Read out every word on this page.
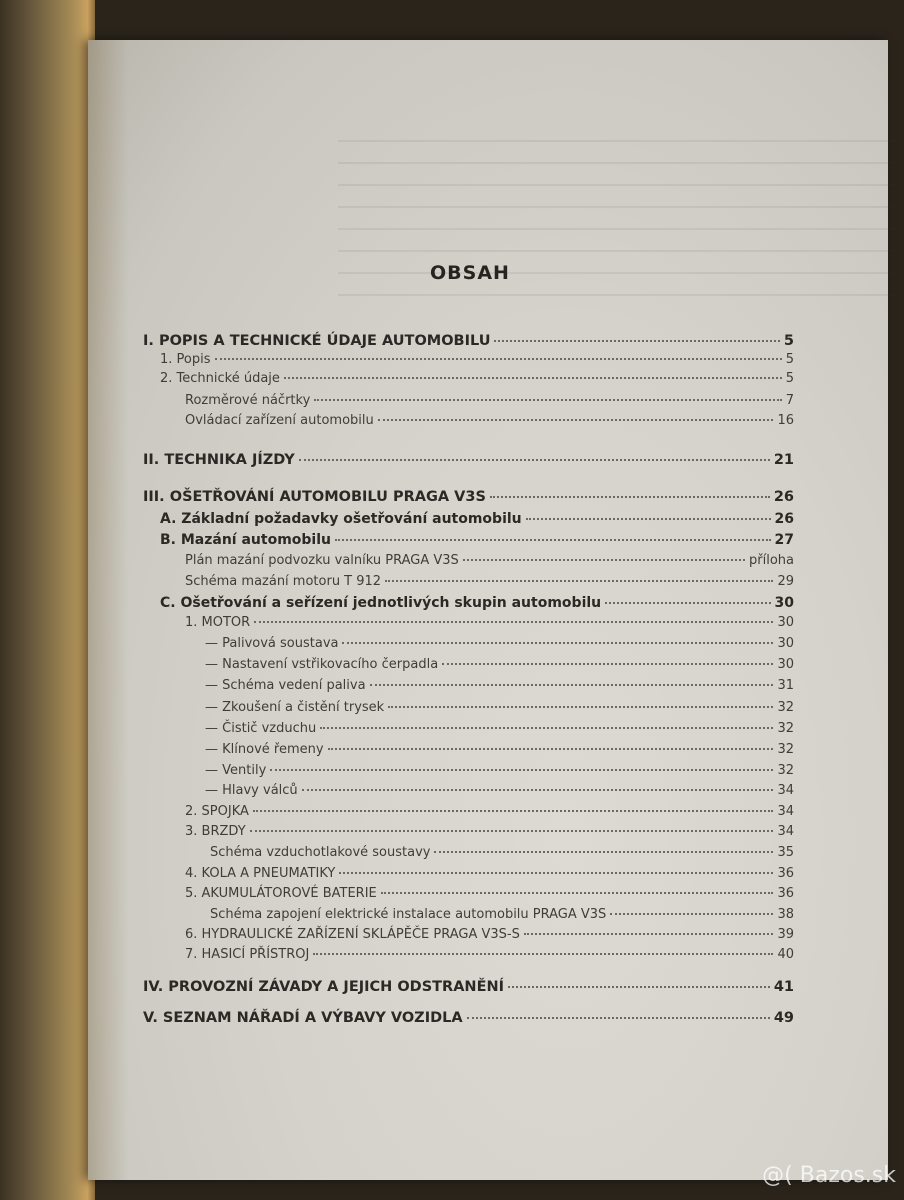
OBSAH
I. POPIS A TECHNICKÉ ÚDAJE AUTOMOBILU	5
1. Popis	5
2. Technické údaje	5
Rozměrové náčrtky	7
Ovládací zařízení automobilu	16
II. TECHNIKA JÍZDY	21
III. OŠETŘOVÁNÍ AUTOMOBILU PRAGA V3S	26
A. Základní požadavky ošetřování automobilu	26
B. Mazání automobilu	27
Plán mazání podvozku valníku PRAGA V3S	příloha
Schéma mazání motoru T 912	29
C. Ošetřování a seřízení jednotlivých skupin automobilu	30
1. MOTOR	30
— Palivová soustava	30
— Nastavení vstřikovacího čerpadla	30
— Schéma vedení paliva	31
— Zkoušení a čistění trysek	32
— Čistič vzduchu	32
— Klínové řemeny	32
— Ventily	32
— Hlavy válců	34
2. SPOJKA	34
3. BRZDY	34
Schéma vzduchotlakové soustavy	35
4. KOLA A PNEUMATIKY	36
5. AKUMULÁTOROVÉ BATERIE	36
Schéma zapojení elektrické instalace automobilu PRAGA V3S	38
6. HYDRAULICKÉ ZAŘÍZENÍ SKLÁPĚČE PRAGA V3S-S	39
7. HASICÍ PŘÍSTROJ	40
IV. PROVOZNÍ ZÁVADY A JEJICH ODSTRANĚNÍ	41
V. SEZNAM NÁŘADÍ A VÝBAVY VOZIDLA	49
@( Bazos.sk
